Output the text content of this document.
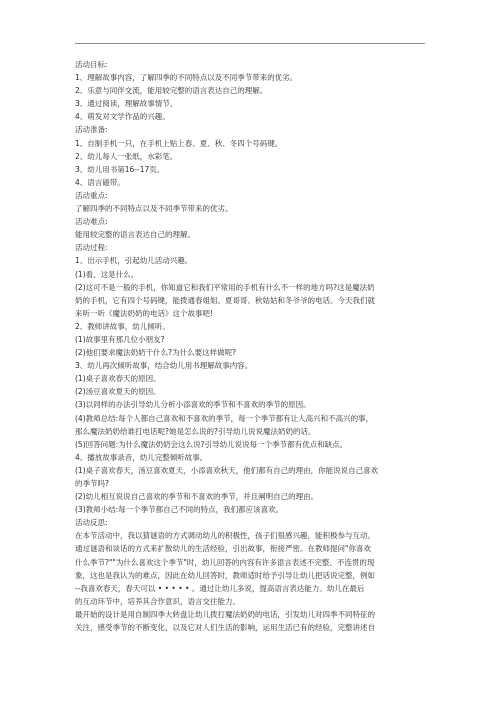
活动目标:
1、理解故事内容，了解四季的不同特点以及不同季节带来的优劣。
2、乐意与同伴交流，能用较完整的语言表达自己的理解。
3、通过阅读，理解故事情节。
4、萌发对文学作品的兴趣。
活动准备:
1、自制手机一只，在手机上贴上春、夏、秋、冬四个号码键。
2、幼儿每人一张纸，水彩笔。
3、幼儿用书第16--17页。
4、语言磁带。
活动重点:
了解四季的不同特点以及不同季节带来的优劣。
活动难点:
能用较完整的语言表达自己的理解。
活动过程:
1、出示手机，引起幼儿活动兴趣。
(1)看，这是什么。
(2)这可不是一般的手机，你知道它和我们平常用的手机有什么不一样的地方吗?这是魔法奶
奶的手机，它有四个号码键，能拨通春姐姐、夏哥哥、秋姑姑和冬爷爷的电话。今天我们就
来听一听《魔法奶奶的电话》这个故事吧!
2、教师讲故事，幼儿倾听。
(1)故事里有那几位小朋友?
(2)他们要求魔法奶奶干什么?为什么要这样做呢?
3、幼儿再次倾听故事，结合幼儿用书理解故事内容。
(1)桌子喜欢春天的原因。
(2)汤豆喜欢夏天的原因。
(3)以同样的办法引导幼儿分析小添喜欢的季节和不喜欢的季节的原因。
(4)教师总结:每个人都自己喜欢和不喜欢的季节，每一个季节都有让人高兴和不高兴的事，
那么魔法奶奶给谁打电话呢?她是怎么说的?引导幼儿说说魔法奶奶的话。
(5)回答问题:为什么魔法奶奶会这么说?引导幼儿说说每一个季节都有优点和缺点。
4、播放故事录音，幼儿完整倾听故事。
(1)桌子喜欢春天，汤豆喜欢夏天，小添喜欢秋天，他们都有自己的理由，你能说说自己喜欢
的季节吗?
(2)幼儿相互说说自己喜欢的季节和不喜欢的季节，并且阐明自己的理由。
(3)教师小结:每一个季节都自己不同的特点，我们都应该喜欢。
活动反思:
在本节活动中，我以猜谜语的方式调动幼儿的积极性，孩子们很感兴趣，能积极参与互动。
通过谜语和谈话的方式来扩散幼儿的生活经验，引出故事，衔接严密。在教师提问"你喜欢
什么季节?""为什么喜欢这个季节"时，幼儿回答的内容有许多语言表述不完整、不连贯的现
象，这也是我认为的难点，因此在幼儿回答时，教师适时给予引导让幼儿把话说完整，例如
--我喜欢春天，春天可以 • • • • • 。通过让幼儿多说，提高语言表达能力。幼儿在最后
的互动环节中，培养其合作意识，语言交往能力。
最开始的设计是用自制四季大转盘让幼儿拨打魔法奶奶的电话，引发幼儿对四季不同特征的
关注，感受季节的不断变化，以及它对人们生活的影响，运用生活已有的经验，完整讲述自
